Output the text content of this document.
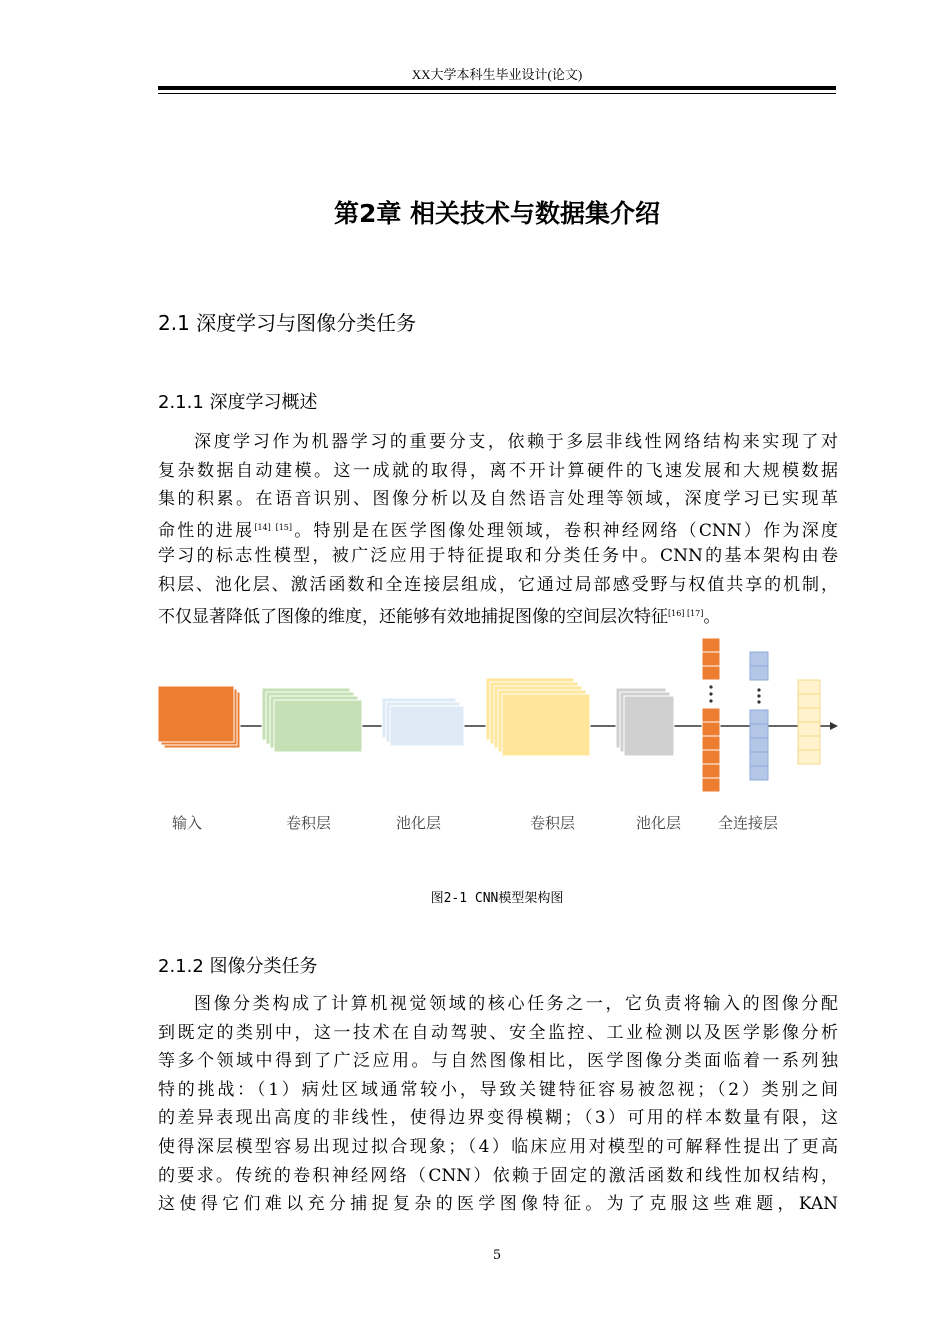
XX大学本科生毕业设计(论文)
第2章 相关技术与数据集介绍
2.1 深度学习与图像分类任务
2.1.1 深度学习概述
深度学习作为机器学习的重要分支，依赖于多层非线性网络结构来实现了对
复杂数据自动建模。这一成就的取得，离不开计算硬件的飞速发展和大规模数据
集的积累。在语音识别、图像分析以及自然语言处理等领域，深度学习已实现革
命性的进展[14] [15]。特别是在医学图像处理领域，卷积神经网络（CNN）作为深度
学习的标志性模型，被广泛应用于特征提取和分类任务中。CNN的基本架构由卷
积层、池化层、激活函数和全连接层组成，它通过局部感受野与权值共享的机制，
不仅显著降低了图像的维度，还能够有效地捕捉图像的空间层次特征[16] [17]。
输入	卷积层	池化层	卷积层	池化层 全连接层
图2-1 CNN模型架构图
2.1.2 图像分类任务
图像分类构成了计算机视觉领域的核心任务之一，它负责将输入的图像分配
到既定的类别中，这一技术在自动驾驶、安全监控、工业检测以及医学影像分析
等多个领域中得到了广泛应用。与自然图像相比，医学图像分类面临着一系列独
特的挑战：（1）病灶区域通常较小，导致关键特征容易被忽视；（2）类别之间
的差异表现出高度的非线性，使得边界变得模糊；（3）可用的样本数量有限，这
使得深层模型容易出现过拟合现象；（4）临床应用对模型的可解释性提出了更高
的要求。传统的卷积神经网络（CNN）依赖于固定的激活函数和线性加权结构，
这使得它们难以充分捕捉复杂的医学图像特征。为了克服这些难题，KAN
5
